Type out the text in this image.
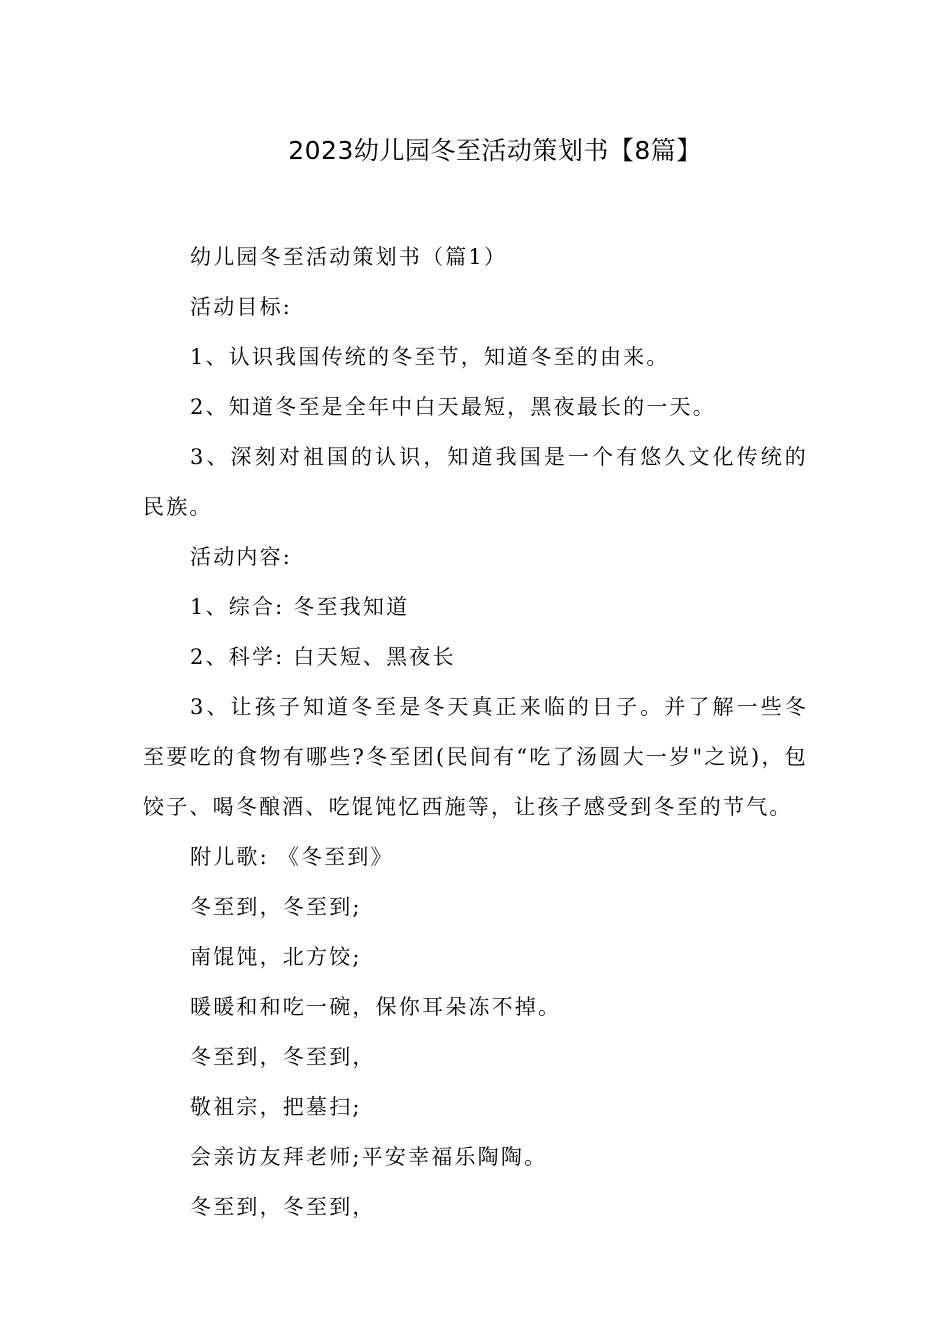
2023幼儿园冬至活动策划书【8篇】

幼儿园冬至活动策划书（篇1）

活动目标:

1、认识我国传统的冬至节，知道冬至的由来。

2、知道冬至是全年中白天最短，黑夜最长的一天。

3、深刻对祖国的认识，知道我国是一个有悠久文化传统的民族。

活动内容:

1、综合: 冬至我知道

2、科学: 白天短、黑夜长

3、让孩子知道冬至是冬天真正来临的日子。并了解一些冬至要吃的食物有哪些?冬至团(民间有“吃了汤圆大一岁"之说)，包饺子、喝冬酿酒、吃馄饨忆西施等，让孩子感受到冬至的节气。

附儿歌: 《冬至到》

冬至到，冬至到;

南馄饨，北方饺;

暖暖和和吃一碗，保你耳朵冻不掉。

冬至到，冬至到，

敬祖宗，把墓扫;

会亲访友拜老师;平安幸福乐陶陶。

冬至到，冬至到，
